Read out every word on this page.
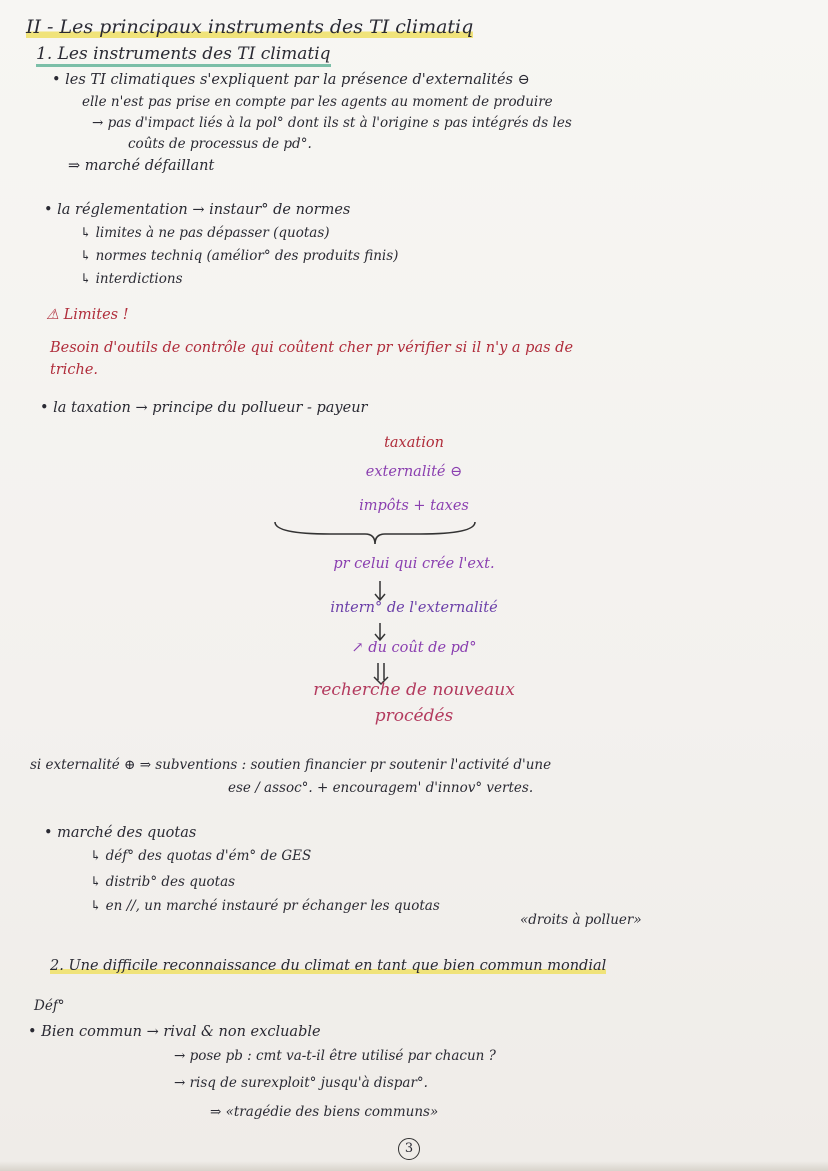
II - Les principaux instruments des TI climatiq
1. Les instruments des TI climatiq
• les TI climatiques s'expliquent par la présence d'externalités ⊖
elle n'est pas prise en compte par les agents au moment de produire
→ pas d'impact liés à la pol° dont ils st à l'origine s pas intégrés ds les
coûts de processus de pd°.
⇒ marché défaillant
• la réglementation → instaur° de normes
↳ limites à ne pas dépasser (quotas)
↳ normes techniq (amélior° des produits finis)
↳ interdictions
⚠ Limites !
Besoin d'outils de contrôle qui coûtent cher pr vérifier si il n'y a pas de
triche.
• la taxation → principe du pollueur - payeur
taxation
externalité ⊖
impôts + taxes
pr celui qui crée l'ext.
intern° de l'externalité
↗ du coût de pd°
recherche de nouveaux
procédés
si externalité ⊕ ⇒ subventions : soutien financier pr soutenir l'activité d'une
ese / assoc°. + encouragem' d'innov° vertes.
• marché des quotas
↳ déf° des quotas d'ém° de GES
↳ distrib° des quotas
↳ en //, un marché instauré pr échanger les quotas
«droits à polluer»
2. Une difficile reconnaissance du climat en tant que bien commun mondial
Déf°
• Bien commun → rival & non excluable
→ pose pb : cmt va-t-il être utilisé par chacun ?
→ risq de surexploit° jusqu'à dispar°.
⇒ «tragédie des biens communs»
3
